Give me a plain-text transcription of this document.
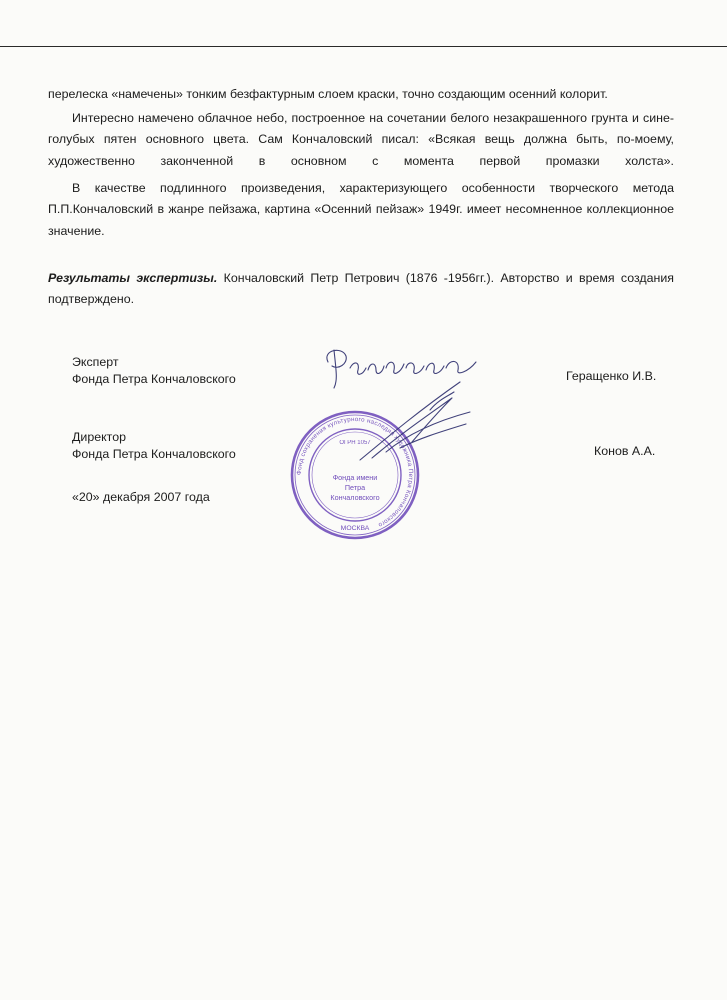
перелеска «намечены» тонким безфактурным слоем краски, точно создающим осенний колорит.

Интересно намечено облачное небо, построенное на сочетании белого незакрашенного грунта и сине-голубых пятен основного цвета. Сам Кончаловский писал: «Всякая вещь должна быть, по-моему, художественно законченной в основном с момента первой промазки холста».

В качестве подлинного произведения, характеризующего особенности творческого метода П.П.Кончаловский в жанре пейзажа, картина «Осенний пейзаж» 1949г. имеет несомненное коллекционное значение.

Результаты экспертизы. Кончаловский Петр Петрович (1876 -1956гг.). Авторство и время создания подтверждено.

Эксперт
Фонда Петра Кончаловского	Геращенко И.В.
Директор
Фонда Петра Кончаловского	Конов А.А.
«20» декабря 2007 года
Фонд сохранения культурного наследия художника Петра Кончаловского
ОГРН 1057
Фонда имени
Петра
Кончаловского
МОСКВА
